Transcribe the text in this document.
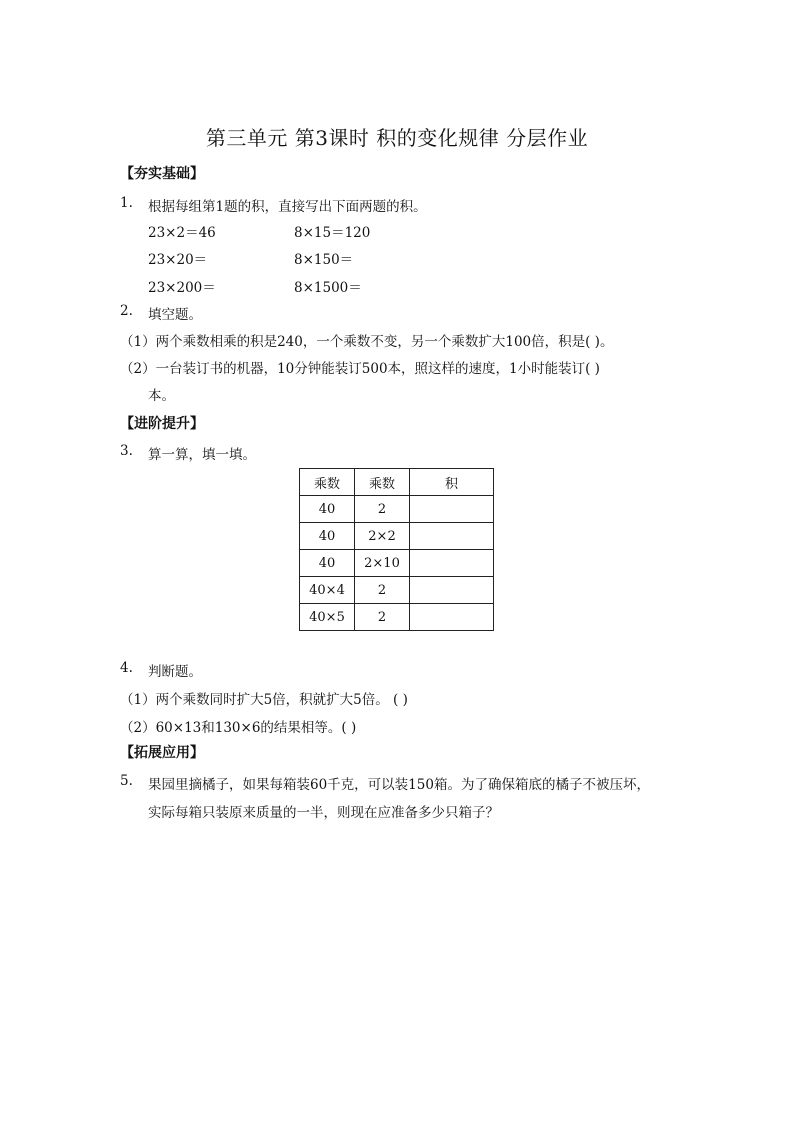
第三单元 第3课时 积的变化规律 分层作业
【夯实基础】
1. 根据每组第1题的积，直接写出下面两题的积。
23×2＝46	8×15＝120
23×20＝	8×150＝
23×200＝	8×1500＝
2. 填空题。
（1）两个乘数相乘的积是240，一个乘数不变，另一个乘数扩大100倍，积是( )。
（2）一台装订书的机器，10分钟能装订500本，照这样的速度，1小时能装订( )
本。
【进阶提升】
3. 算一算，填一填。
乘数	乘数	积
40	2	
40	2×2	
40	2×10	
40×4	2	
40×5	2	
4. 判断题。
（1）两个乘数同时扩大5倍，积就扩大5倍。 ( )
（2）60×13和130×6的结果相等。( )
【拓展应用】
5. 果园里摘橘子，如果每箱装60千克，可以装150箱。为了确保箱底的橘子不被压坏，
实际每箱只装原来质量的一半，则现在应准备多少只箱子？
